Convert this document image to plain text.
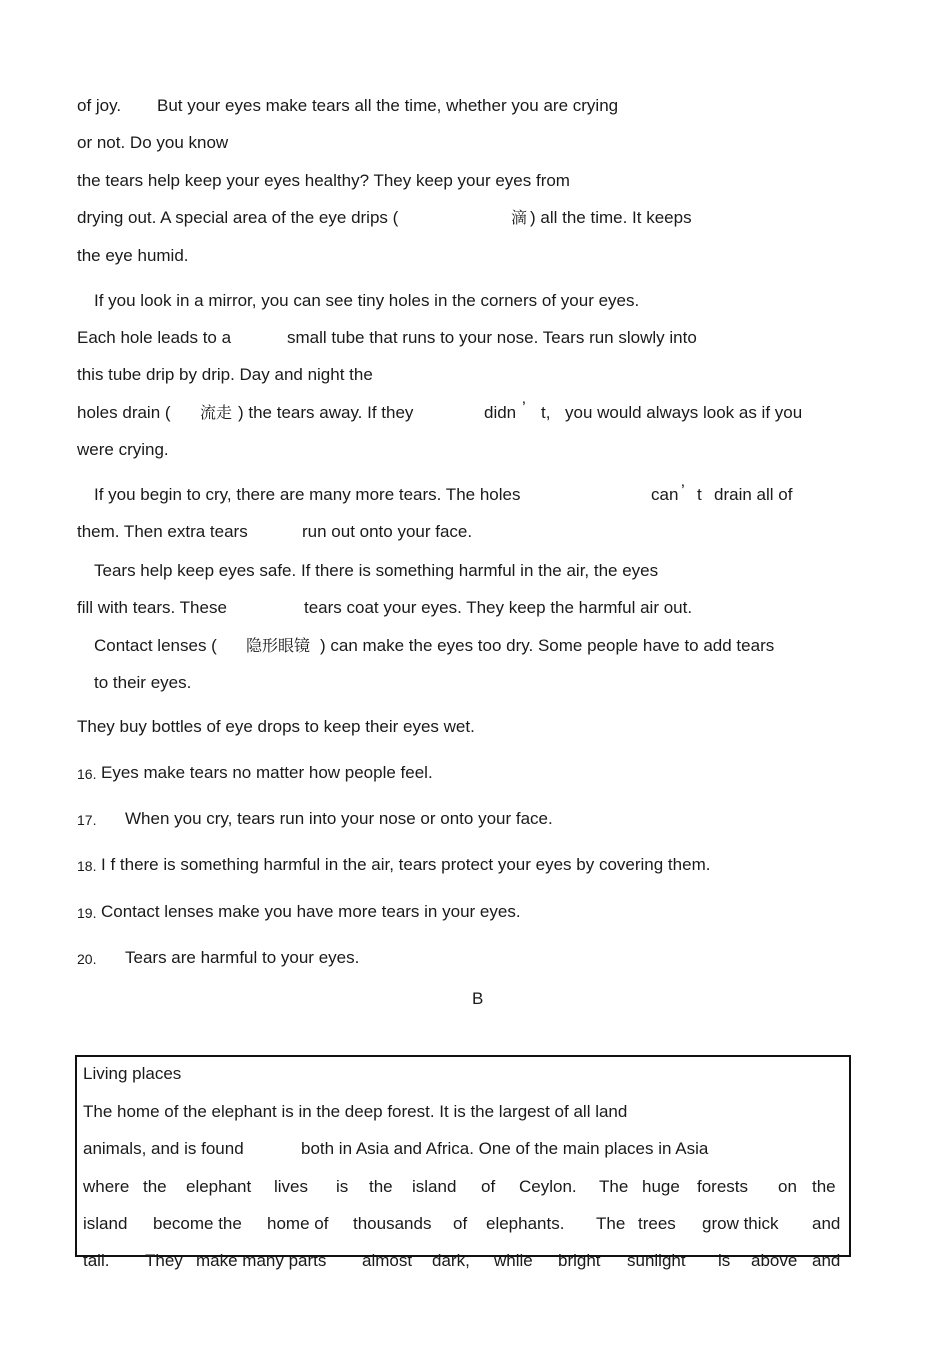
of joy. But your eyes make tears all the time, whether you are crying
or not. Do you know
the tears help keep your eyes healthy? They keep your eyes from
drying out. A special area of the eye drips (	滴 ) all the time. It keeps
the eye humid.
If you look in a mirror, you can see tiny holes in the corners of your eyes.
Each hole leads to a	small tube that runs to your nose. Tears run slowly into
this tube drip by drip. Day and night the
holes drain ( 流走 ) the tears away. If they	didn ’ t, you would always look as if you
were crying.
If you begin to cry, there are many more tears. The holes	can ’ t drain all of
them. Then extra tears	run out onto your face.
Tears help keep eyes safe. If there is something harmful in the air, the eyes
fill with tears. These	tears coat your eyes. They keep the harmful air out.
Contact lenses ( 隐形眼镜 ) can make the eyes too dry. Some people have to add tears
to their eyes.
They buy bottles of eye drops to keep their eyes wet.
16. Eyes make tears no matter how people feel.
17. When you cry, tears run into your nose or onto your face.
18. I f there is something harmful in the air, tears protect your eyes by covering them.
19. Contact lenses make you have more tears in your eyes.
20. Tears are harmful to your eyes.
B
Living places
The home of the elephant is in the deep forest. It is the largest of all land
animals, and is found	both in Asia and Africa. One of the main places in Asia
where the elephant lives is the island of Ceylon. The huge forests on the
island become the home of thousands of elephants. The trees grow thick and
tall. They make many parts almost dark, while bright sunlight is above and
